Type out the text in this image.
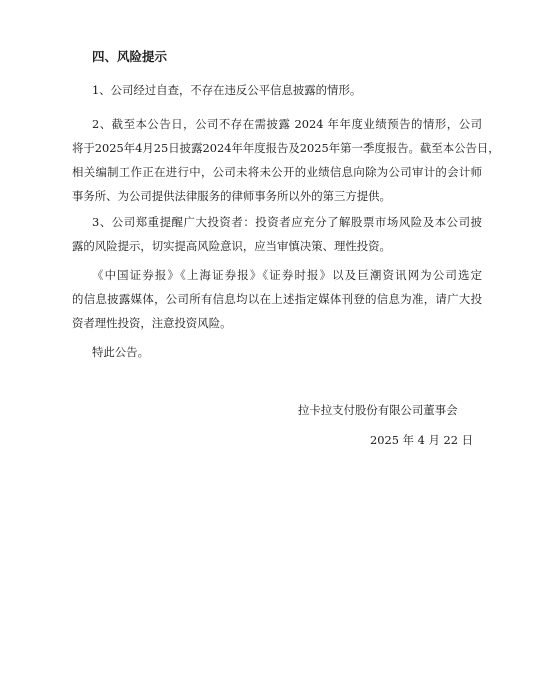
四、风险提示
1、公司经过自查，不存在违反公平信息披露的情形。
2、截至本公告日，公司不存在需披露 2024 年年度业绩预告的情形，公司
将于2025年4月25日披露2024年年度报告及2025年第一季度报告。截至本公告日，
相关编制工作正在进行中，公司未将未公开的业绩信息向除为公司审计的会计师
事务所、为公司提供法律服务的律师事务所以外的第三方提供。
3、公司郑重提醒广大投资者：投资者应充分了解股票市场风险及本公司披
露的风险提示，切实提高风险意识，应当审慎决策、理性投资。
《中国证券报》《上海证券报》《证券时报》以及巨潮资讯网为公司选定
的信息披露媒体，公司所有信息均以在上述指定媒体刊登的信息为准，请广大投
资者理性投资，注意投资风险。
特此公告。
拉卡拉支付股份有限公司董事会
2025 年 4 月 22 日
